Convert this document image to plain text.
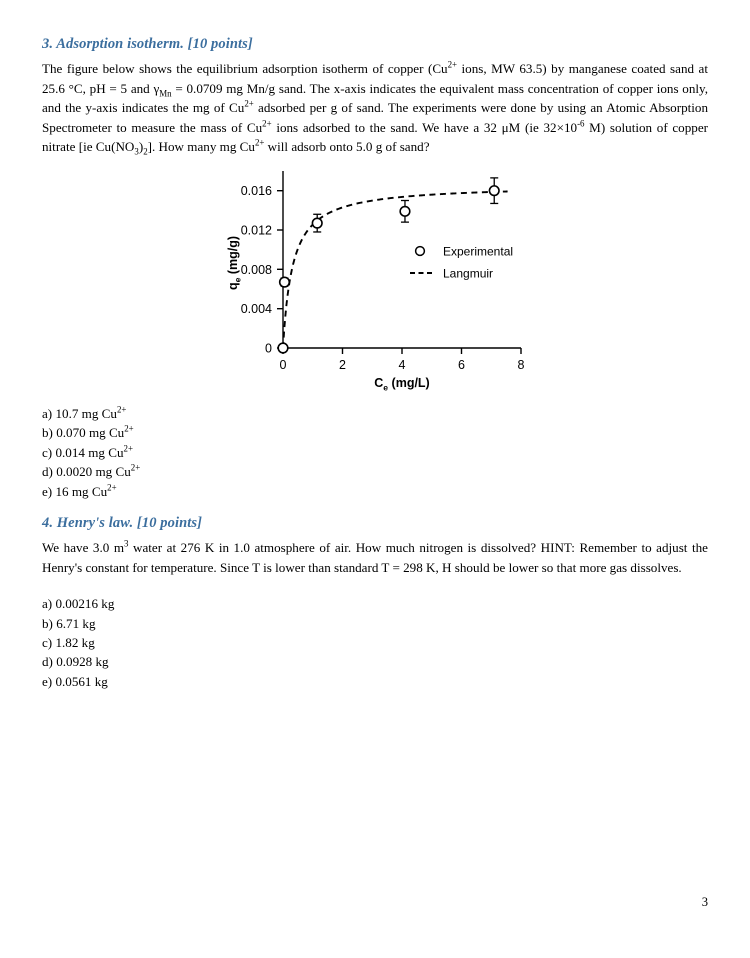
3. Adsorption isotherm. [10 points]

The figure below shows the equilibrium adsorption isotherm of copper ($Cu^{2+}$ ions, MW 63.5) by manganese coated sand at 25.6 °C, pH = 5 and $\gamma_{Mn} = 0.0709$ mg Mn/g sand. The x-axis indicates the equivalent mass concentration of copper ions only, and the y-axis indicates the mg of $Cu^{2+}$ adsorbed per g of sand. The experiments were done by using an Atomic Absorption Spectrometer to measure the mass of $Cu^{2+}$ ions adsorbed to the sand. We have a 32 μM (ie $32\times 10^{-6}$ M) solution of copper nitrate [ie $Cu(NO_3)_2$]. How many mg $Cu^{2+}$ will adsorb onto 5.0 g of sand?

0
0.004
0.008
0.012
0.016
0	2	4	6	8
Experimental
Langmuir
$C_e$ (mg/L)
$q_e$ (mg/g)
a) 10.7 mg $Cu^{2+}$
b) 0.070 mg $Cu^{2+}$
c) 0.014 mg $Cu^{2+}$
d) 0.0020 mg $Cu^{2+}$
e) 16 mg $Cu^{2+}$
4. Henry's law. [10 points]

We have 3.0 $m^3$ water at 276 K in 1.0 atmosphere of air. How much nitrogen is dissolved? HINT: Remember to adjust the Henry's constant for temperature. Since T is lower than standard T = 298 K, H should be lower so that more gas dissolves.

a) 0.00216 kg
b) 6.71 kg
c) 1.82 kg
d) 0.0928 kg
e) 0.0561 kg
3
